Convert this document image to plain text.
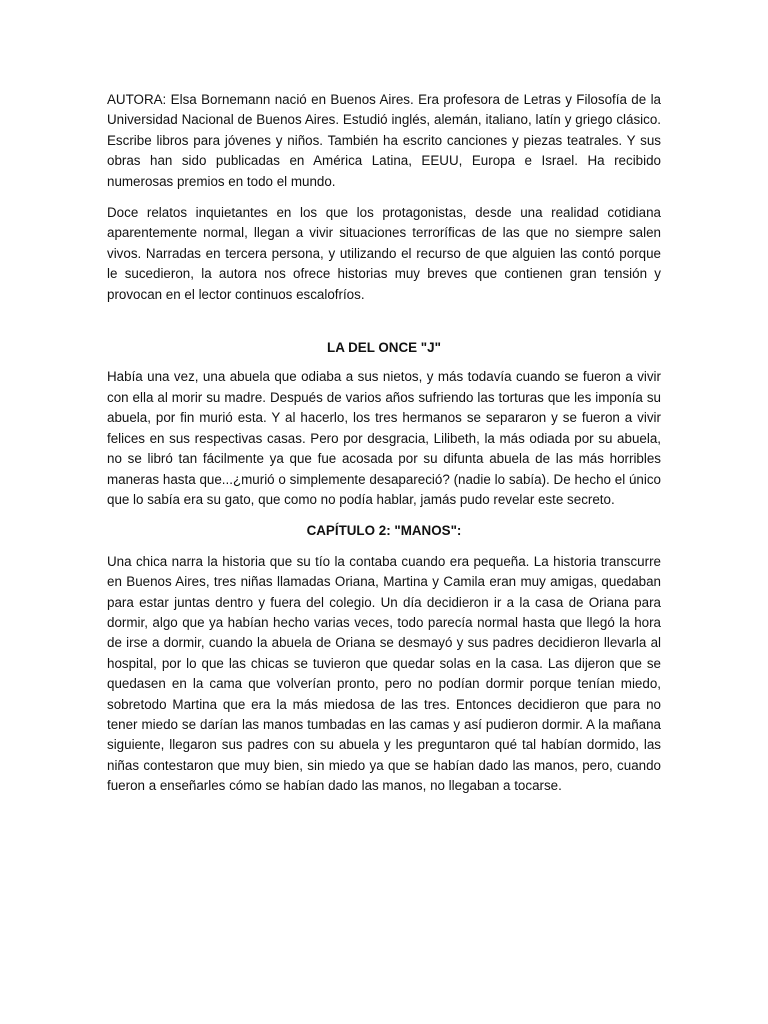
AUTORA: Elsa Bornemann nació en Buenos Aires. Era profesora de Letras y Filosofía de la Universidad Nacional de Buenos Aires. Estudió inglés, alemán, italiano, latín y griego clásico. Escribe libros para jóvenes y niños. También ha escrito canciones y piezas teatrales. Y sus obras han sido publicadas en América Latina, EEUU, Europa e Israel. Ha recibido numerosas premios en todo el mundo.

Doce relatos inquietantes en los que los protagonistas, desde una realidad cotidiana aparentemente normal, llegan a vivir situaciones terroríficas de las que no siempre salen vivos. Narradas en tercera persona, y utilizando el recurso de que alguien las contó porque le sucedieron, la autora nos ofrece historias muy breves que contienen gran tensión y provocan en el lector continuos escalofríos.

LA DEL ONCE "J"

Había una vez, una abuela que odiaba a sus nietos, y más todavía cuando se fueron a vivir con ella al morir su madre. Después de varios años sufriendo las torturas que les imponía su abuela, por fin murió esta. Y al hacerlo, los tres hermanos se separaron y se fueron a vivir felices en sus respectivas casas. Pero por desgracia, Lilibeth, la más odiada por su abuela, no se libró tan fácilmente ya que fue acosada por su difunta abuela de las más horribles maneras hasta que...¿murió o simplemente desapareció? (nadie lo sabía). De hecho el único que lo sabía era su gato, que como no podía hablar, jamás pudo revelar este secreto.

CAPÍTULO 2: "MANOS":

Una chica narra la historia que su tío la contaba cuando era pequeña. La historia transcurre en Buenos Aires, tres niñas llamadas Oriana, Martina y Camila eran muy amigas, quedaban para estar juntas dentro y fuera del colegio. Un día decidieron ir a la casa de Oriana para dormir, algo que ya habían hecho varias veces, todo parecía normal hasta que llegó la hora de irse a dormir, cuando la abuela de Oriana se desmayó y sus padres decidieron llevarla al hospital, por lo que las chicas se tuvieron que quedar solas en la casa. Las dijeron que se quedasen en la cama que volverían pronto, pero no podían dormir porque tenían miedo, sobretodo Martina que era la más miedosa de las tres. Entonces decidieron que para no tener miedo se darían las manos tumbadas en las camas y así pudieron dormir. A la mañana siguiente, llegaron sus padres con su abuela y les preguntaron qué tal habían dormido, las niñas contestaron que muy bien, sin miedo ya que se habían dado las manos, pero, cuando fueron a enseñarles cómo se habían dado las manos, no llegaban a tocarse.
